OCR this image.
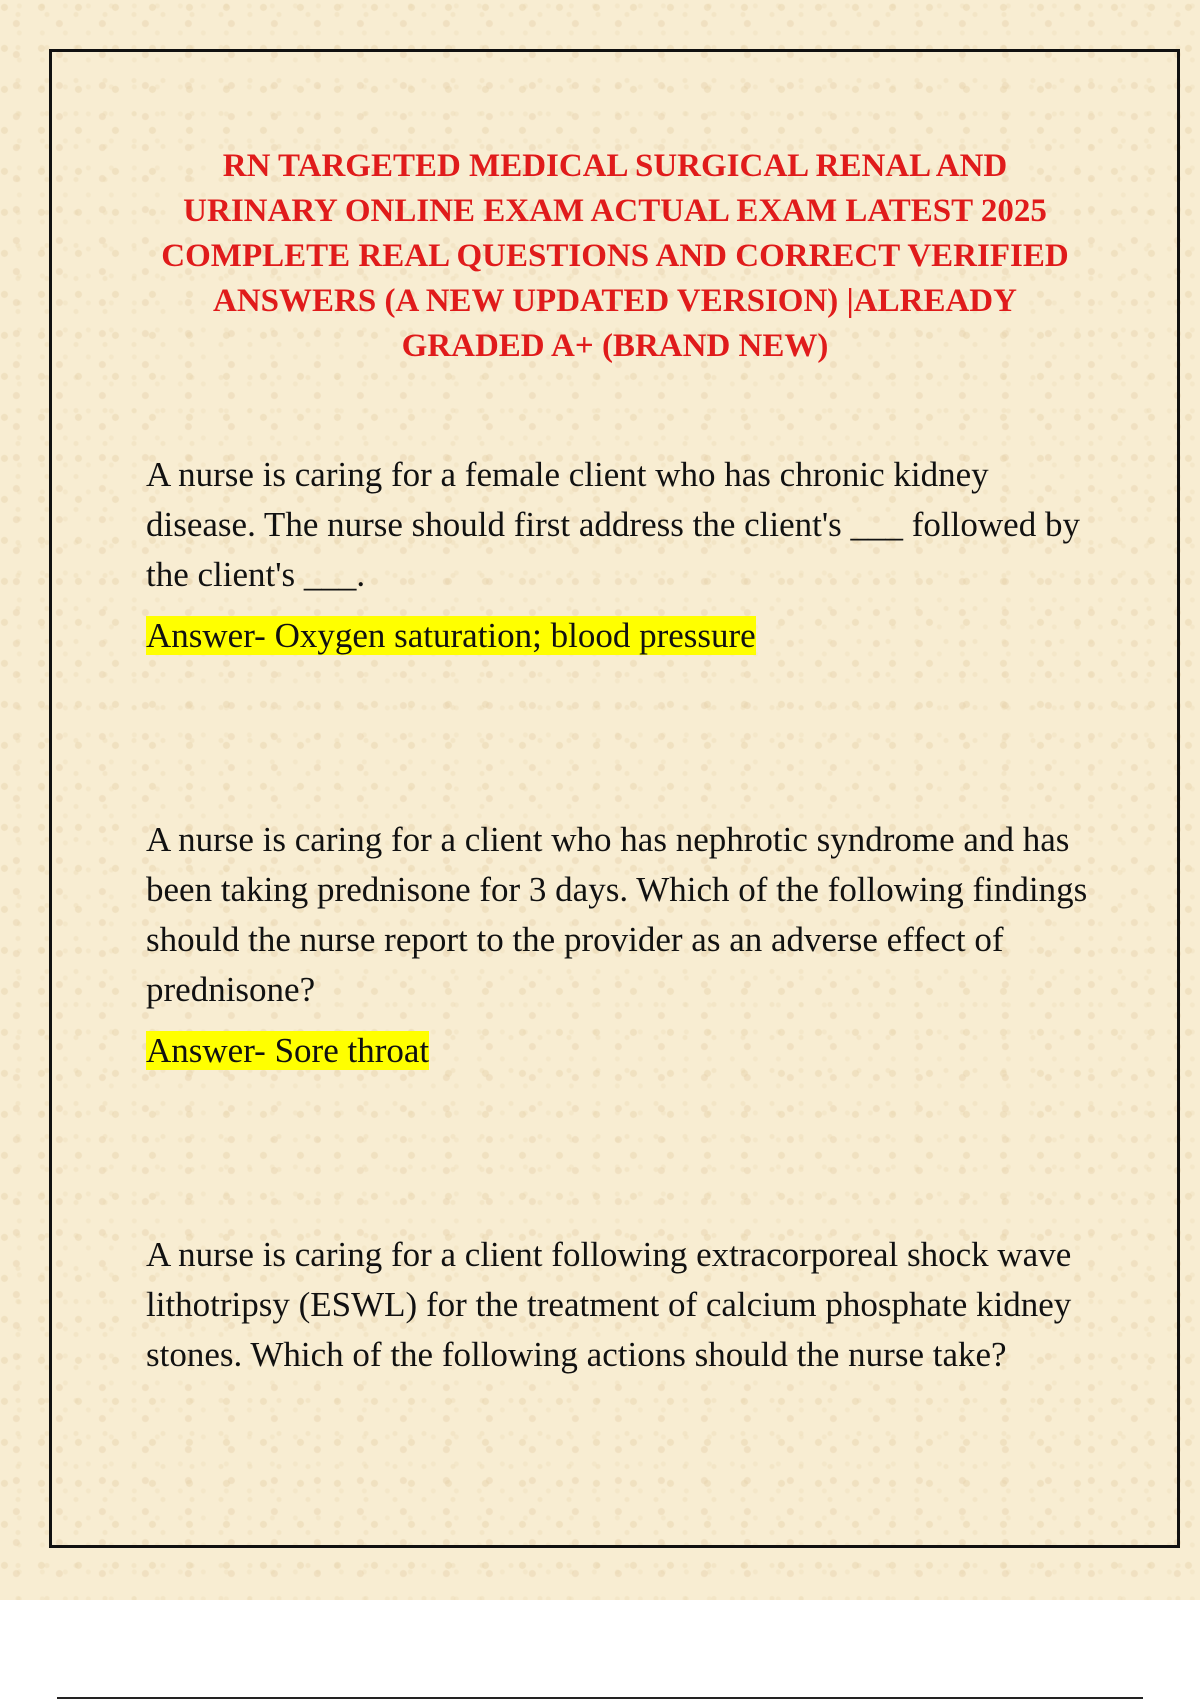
RN TARGETED MEDICAL SURGICAL RENAL AND URINARY ONLINE EXAM ACTUAL EXAM LATEST 2025 COMPLETE REAL QUESTIONS AND CORRECT VERIFIED ANSWERS (A NEW UPDATED VERSION) |ALREADY GRADED A+ (BRAND NEW)

A nurse is caring for a female client who has chronic kidney disease. The nurse should first address the client's ___ followed by the client's ___.

Answer- Oxygen saturation; blood pressure

A nurse is caring for a client who has nephrotic syndrome and has been taking prednisone for 3 days. Which of the following findings should the nurse report to the provider as an adverse effect of prednisone?

Answer- Sore throat

A nurse is caring for a client following extracorporeal shock wave lithotripsy (ESWL) for the treatment of calcium phosphate kidney stones. Which of the following actions should the nurse take?
